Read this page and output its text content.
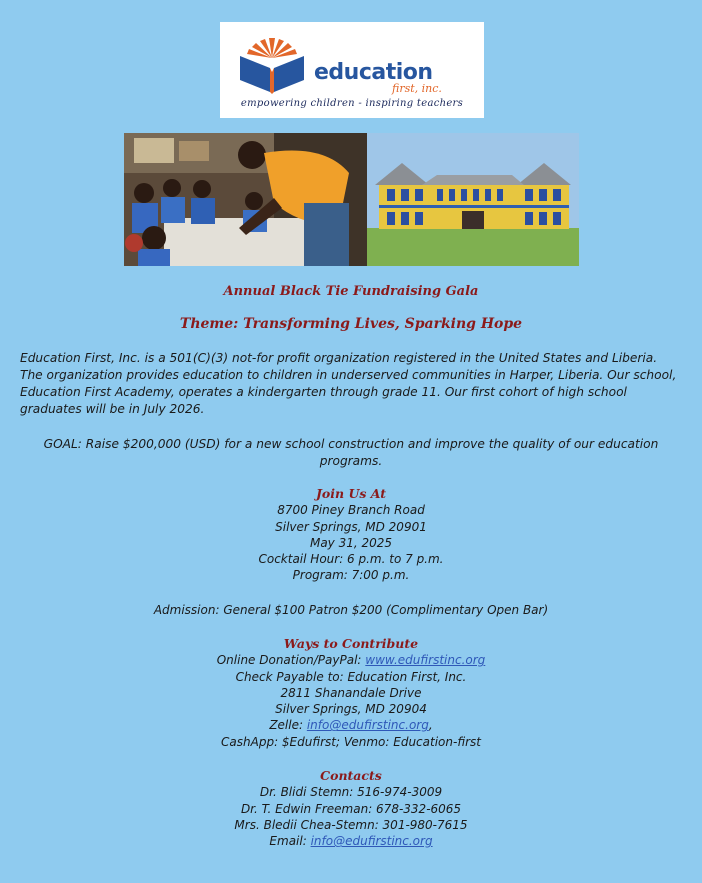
education
first, inc.
empowering children - inspiring teachers
Annual Black Tie Fundraising Gala
Theme: Transforming Lives, Sparking Hope
Education First, Inc. is a 501(C)(3) not-for profit organization registered in the United States and Liberia.
The organization provides education to children in underserved communities in Harper, Liberia. Our school,
Education First Academy, operates a kindergarten through grade 11. Our first cohort of high school
graduates will be in July 2026.
GOAL: Raise $200,000 (USD) for a new school construction and improve the quality of our education
programs.
Join Us At
8700 Piney Branch Road
Silver Springs, MD 20901
May 31, 2025
Cocktail Hour: 6 p.m. to 7 p.m.
Program: 7:00 p.m.
Admission: General $100 Patron $200 (Complimentary Open Bar)
Ways to Contribute
Online Donation/PayPal: www.edufirstinc.org
Check Payable to: Education First, Inc.
2811 Shanandale Drive
Silver Springs, MD 20904
Zelle: info@edufirstinc.org,
CashApp: $Edufirst; Venmo: Education-first
Contacts
Dr. Blidi Stemn: 516-974-3009
Dr. T. Edwin Freeman: 678-332-6065
Mrs. Bledii Chea-Stemn: 301-980-7615
Email: info@edufirstinc.org
